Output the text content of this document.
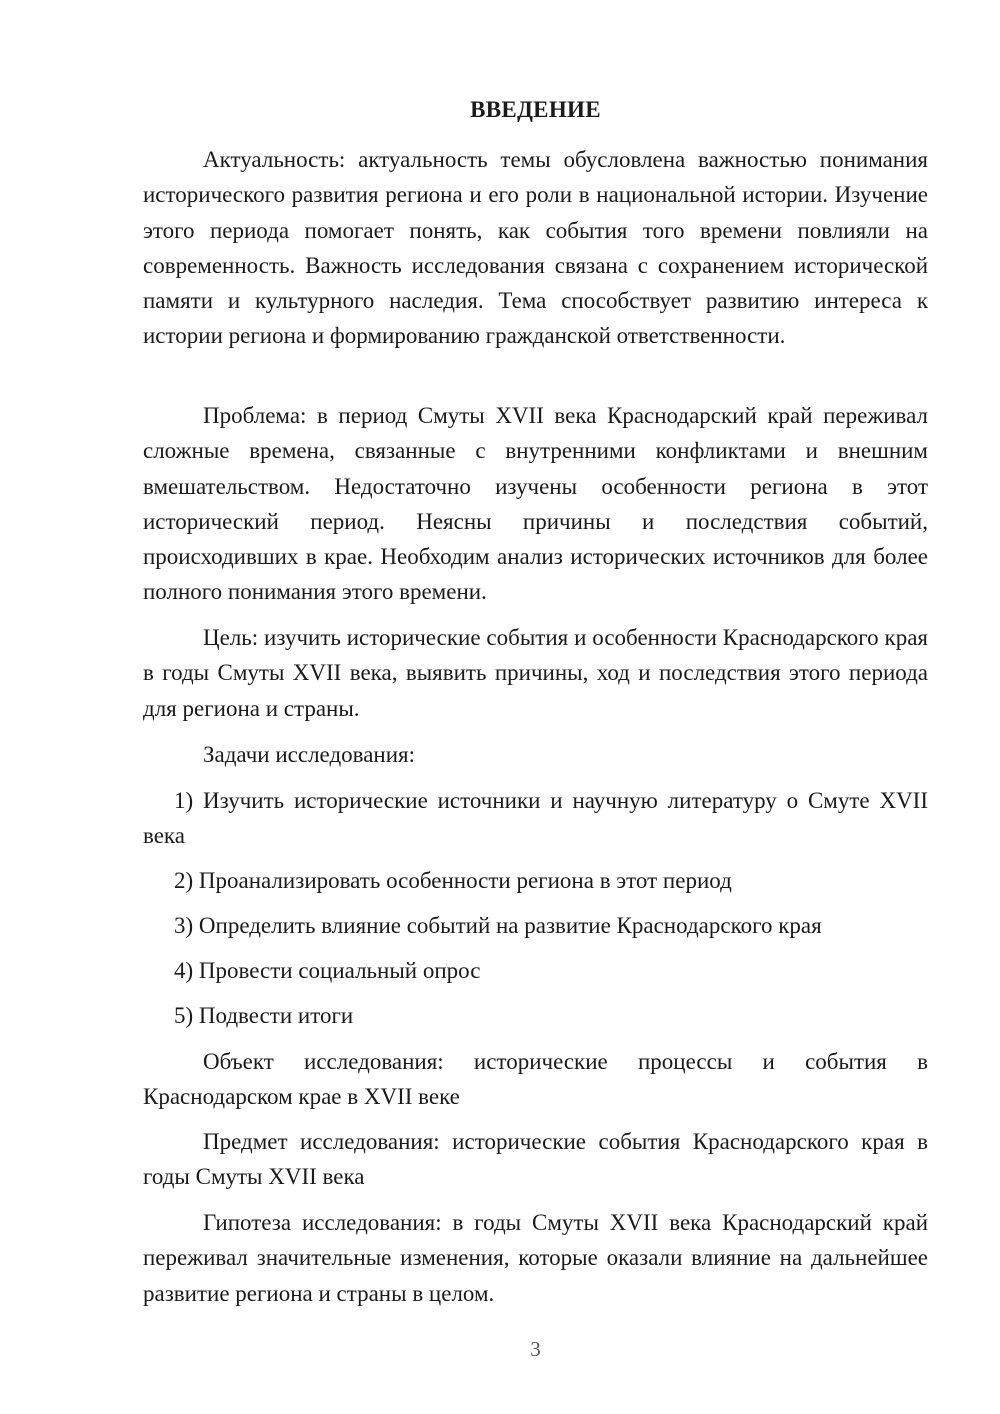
ВВЕДЕНИЕ

Актуальность: актуальность темы обусловлена важностью понимания исторического развития региона и его роли в национальной истории. Изучение этого периода помогает понять, как события того времени повлияли на современность. Важность исследования связана с сохранением исторической памяти и культурного наследия. Тема способствует развитию интереса к истории региона и формированию гражданской ответственности.

Проблема: в период Смуты XVII века Краснодарский край переживал сложные времена, связанные с внутренними конфликтами и внешним вмешательством. Недостаточно изучены особенности региона в этот исторический период. Неясны причины и последствия событий, происходивших в крае. Необходим анализ исторических источников для более полного понимания этого времени.

Цель: изучить исторические события и особенности Краснодарского края в годы Смуты XVII века, выявить причины, ход и последствия этого периода для региона и страны.

Задачи исследования:

1) Изучить исторические источники и научную литературу о Смуте XVII века

2) Проанализировать особенности региона в этот период

3) Определить влияние событий на развитие Краснодарского края

4) Провести социальный опрос

5) Подвести итоги

Объект исследования: исторические процессы и события в Краснодарском крае в XVII веке

Предмет исследования: исторические события Краснодарского края в годы Смуты XVII века

Гипотеза исследования: в годы Смуты XVII века Краснодарский край переживал значительные изменения, которые оказали влияние на дальнейшее развитие региона и страны в целом.

3
